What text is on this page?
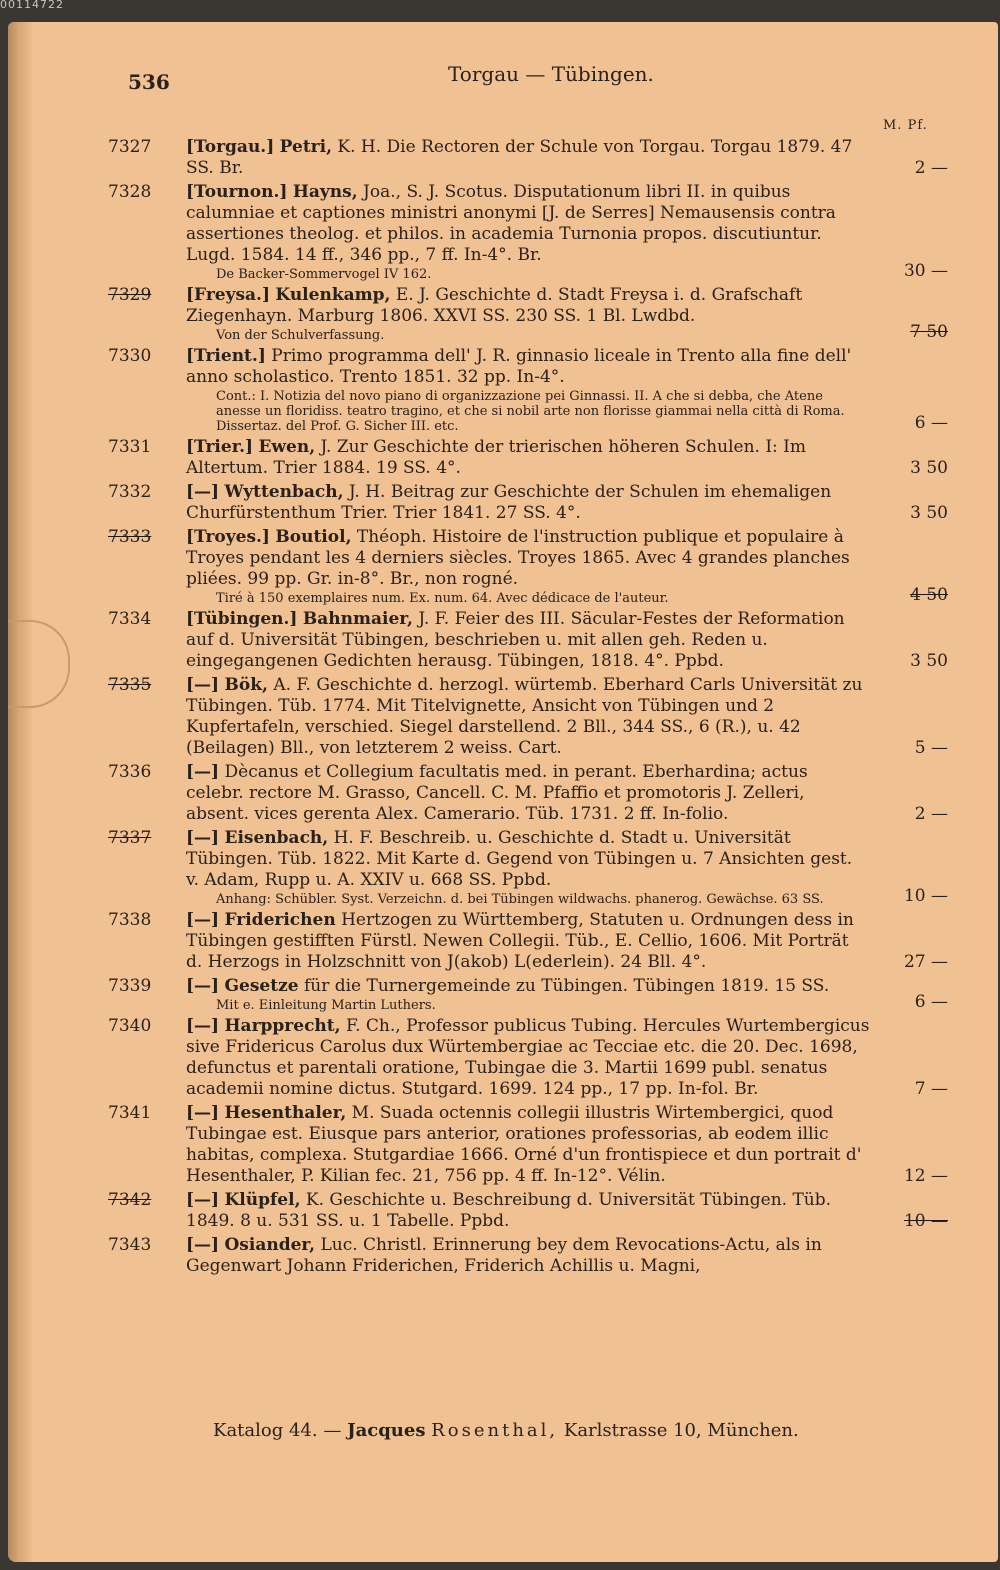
00114722
536	Torgau — Tübingen.
M. Pf.
7327	[Torgau.] Petri, K. H. Die Rectoren der Schule von Torgau. Torgau 1879. 47 SS. Br.	2 —
7328	[Tournon.] Hayns, Joa., S. J. Scotus. Disputationum libri II. in quibus calumniae et captiones ministri anonymi [J. de Serres] Nemausensis contra assertiones theolog. et philos. in academia Turnonia propos. discutiuntur. Lugd. 1584. 14 ff., 346 pp., 7 ff. In-4°. Br.
De Backer-Sommervogel IV 162.	30 —
7329	[Freysa.] Kulenkamp, E. J. Geschichte d. Stadt Freysa i. d. Grafschaft Ziegenhayn. Marburg 1806. XXVI SS. 230 SS. 1 Bl. Lwdbd.
Von der Schulverfassung.	7 50
7330	[Trient.] Primo programma dell' J. R. ginnasio liceale in Trento alla fine dell' anno scholastico. Trento 1851. 32 pp. In-4°.
Cont.: I. Notizia del novo piano di organizzazione pei Ginnassi. II. A che si debba, che Atene anesse un floridiss. teatro tragino, et che si nobil arte non florisse giammai nella città di Roma. Dissertaz. del Prof. G. Sicher III. etc.	6 —
7331	[Trier.] Ewen, J. Zur Geschichte der trierischen höheren Schulen. I: Im Altertum. Trier 1884. 19 SS. 4°.	3 50
7332	[—] Wyttenbach, J. H. Beitrag zur Geschichte der Schulen im ehemaligen Churfürstenthum Trier. Trier 1841. 27 SS. 4°.	3 50
7333	[Troyes.] Boutiol, Théoph. Histoire de l'instruction publique et populaire à Troyes pendant les 4 derniers siècles. Troyes 1865. Avec 4 grandes planches pliées. 99 pp. Gr. in-8°. Br., non rogné.
Tiré à 150 exemplaires num. Ex. num. 64. Avec dédicace de l'auteur.	4 50
7334	[Tübingen.] Bahnmaier, J. F. Feier des III. Säcular-Festes der Reformation auf d. Universität Tübingen, beschrieben u. mit allen geh. Reden u. eingegangenen Gedichten herausg. Tübingen, 1818. 4°. Ppbd.	3 50
7335	[—] Bök, A. F. Geschichte d. herzogl. würtemb. Eberhard Carls Universität zu Tübingen. Tüb. 1774. Mit Titelvignette, Ansicht von Tübingen und 2 Kupfertafeln, verschied. Siegel darstellend. 2 Bll., 344 SS., 6 (R.), u. 42 (Beilagen) Bll., von letzterem 2 weiss. Cart.	5 —
7336	[—] Dècanus et Collegium facultatis med. in perant. Eberhardina; actus celebr. rectore M. Grasso, Cancell. C. M. Pfaffio et promotoris J. Zelleri, absent. vices gerenta Alex. Camerario. Tüb. 1731. 2 ff. In-folio.	2 —
7337	[—] Eisenbach, H. F. Beschreib. u. Geschichte d. Stadt u. Universität Tübingen. Tüb. 1822. Mit Karte d. Gegend von Tübingen u. 7 Ansichten gest. v. Adam, Rupp u. A. XXIV u. 668 SS. Ppbd.
Anhang: Schübler. Syst. Verzeichn. d. bei Tübingen wildwachs. phanerog. Gewächse. 63 SS.	10 —
7338	[—] Friderichen Hertzogen zu Württemberg, Statuten u. Ordnungen dess in Tübingen gestifften Fürstl. Newen Collegii. Tüb., E. Cellio, 1606. Mit Porträt d. Herzogs in Holzschnitt von J(akob) L(ederlein). 24 Bll. 4°.	27 —
7339	[—] Gesetze für die Turnergemeinde zu Tübingen. Tübingen 1819. 15 SS.
Mit e. Einleitung Martin Luthers.	6 —
7340	[—] Harpprecht, F. Ch., Professor publicus Tubing. Hercules Wurtembergicus sive Fridericus Carolus dux Würtembergiae ac Tecciae etc. die 20. Dec. 1698, defunctus et parentali oratione, Tubingae die 3. Martii 1699 publ. senatus academii nomine dictus. Stutgard. 1699. 124 pp., 17 pp. In-fol. Br.	7 —
7341	[—] Hesenthaler, M. Suada octennis collegii illustris Wirtembergici, quod Tubingae est. Eiusque pars anterior, orationes professorias, ab eodem illic habitas, complexa. Stutgardiae 1666. Orné d'un frontispiece et dun portrait d' Hesenthaler, P. Kilian fec. 21, 756 pp. 4 ff. In-12°. Vélin.	12 —
7342	[—] Klüpfel, K. Geschichte u. Beschreibung d. Universität Tübingen. Tüb. 1849. 8 u. 531 SS. u. 1 Tabelle. Ppbd.	10 —
7343	[—] Osiander, Luc. Christl. Erinnerung bey dem Revocations-Actu, als in Gegenwart Johann Friderichen, Friderich Achillis u. Magni,
Katalog 44. — Jacques Rosenthal, Karlstrasse 10, München.
